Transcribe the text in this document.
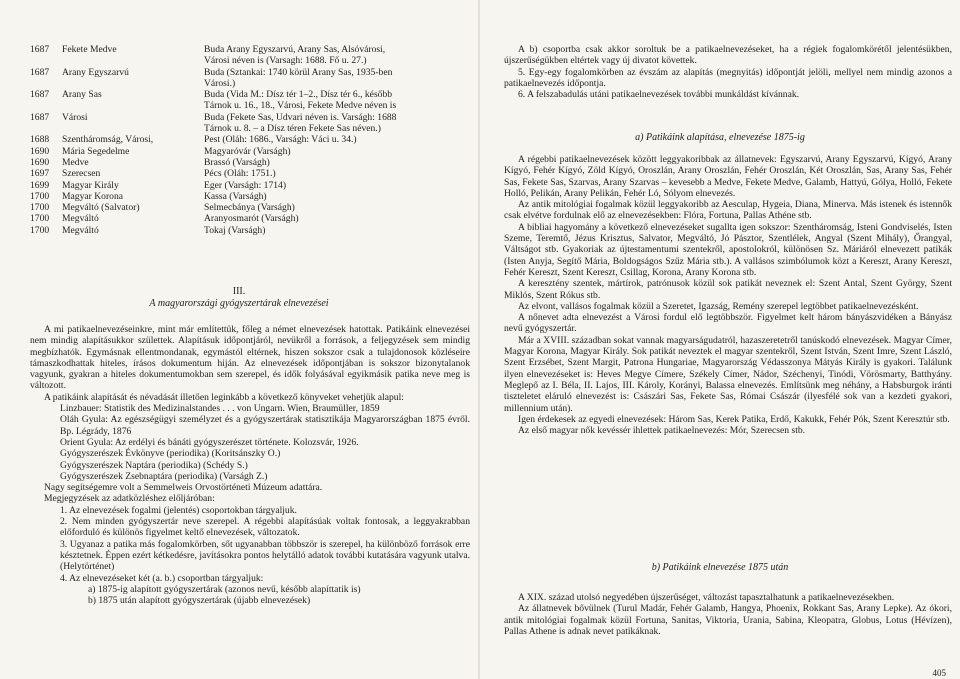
1687	Fekete Medve	Buda Arany Egyszarvú, Arany Sas, Alsóvárosi,
Városi néven is (Varsagh: 1688. Fő u. 27.)
1687	Arany Egyszarvú	Buda (Sztankai: 1740 körül Arany Sas, 1935-ben
Városi.)
1687	Arany Sas	Buda (Vida M.: Dísz tér 1–2., Dísz tér 6., később
Tárnok u. 16., 18., Városi, Fekete Medve néven is
1687	Városi	Buda (Fekete Sas, Udvari néven is. Varságh: 1688
Tárnok u. 8. – a Dísz téren Fekete Sas néven.)
1688	Szentháromság, Városi,	Pest (Oláh: 1686., Varságh: Váci u. 34.)
1690	Mária Segedelme	Magyaróvár (Varságh)
1690	Medve	Brassó (Varságh)
1697	Szerecsen	Pécs (Oláh: 1751.)
1699	Magyar Király	Eger (Varságh: 1714)
1700	Magyar Korona	Kassa (Varságh)
1700	Megváltó (Salvator)	Selmecbánya (Varságh)
1700	Megváltó	Aranyosmarót (Varságh)
1700	Megváltó	Tokaj (Varságh)
III.
A magyarországi gyógyszertárak elnevezései

A mi patikaelnevezéseinkre, mint már említettük, főleg a német elnevezések hatottak. Patikáink elnevezései nem mindig alapításukkor születtek. Alapításuk időpontjáról, nevükről a források, a feljegyzések sem mindig megbízhatók. Egymásnak ellentmondanak, egymástól eltérnek, hiszen sokszor csak a tulajdonosok közléseire támaszkodhattak hiteles, írásos dokumentum hiján. Az elnevezések időpontjában is sokszor bizonytalanok vagyunk, gyakran a hiteles dokumentumokban sem szerepel, és idők folyásával egyikmásik patika neve meg is változott.

A patikáink alapítását és névadását illetően leginkább a következő könyveket vehetjük alapul:

Linzbauer: Statistik des Medizinalstandes . . . von Ungarn. Wien, Braumüller, 1859

Oláh Gyula: Az egészségügyi személyzet és a gyógyszertárak statisztikája Magyarországban 1875 évről. Bp. Légrády, 1876

Orient Gyula: Az erdélyi és bánáti gyógyszerészet története. Kolozsvár, 1926.

Gyógyszerészek Évkönyve (periodika) (Koritsánszky O.)

Gyógyszerészek Naptára (periodika) (Schédy S.)

Gyógyszerészek Zsebnaptára (periodika) (Varságh Z.)

Nagy segítségemre volt a Semmelweis Orvostörténeti Múzeum adattára.

Megjegyzések az adatközléshez előljáróban:

1. Az elnevezések fogalmi (jelentés) csoportokban tárgyaljuk.

2. Nem minden gyógyszertár neve szerepel. A régebbi alapításúak voltak fontosak, a leggyakrabban előforduló és különös figyelmet keltő elnevezések, változatok.

3. Ugyanaz a patika más fogalomkörben, sőt ugyanabban többször is szerepel, ha különböző források erre késztetnek. Éppen ezért kétkedésre, javításokra pontos helytálló adatok további kutatására vagyunk utalva. (Helytörténet)

4. Az elnevezéseket két (a. b.) csoportban tárgyaljuk:

a) 1875-ig alapított gyógyszertárak (azonos nevű, később alapíttatik is)

b) 1875 után alapított gyógyszertárak (újabb elnevezések)

A b) csoportba csak akkor soroltuk be a patikaelnevezéseket, ha a régiek fogalomkörétől jelentésükben, újszerűségükben eltértek vagy új divatot követtek.

5. Egy-egy fogalomkörben az évszám az alapítás (megnyitás) időpontját jelöli, mellyel nem mindig azonos a patikaelnevezés időpontja.

6. A felszabadulás utáni patikaelnevezések további munkáldást kívánnak.

a) Patikáink alapítása, elnevezése 1875-ig

A régebbi patikaelnevezések között leggyakoribbak az állatnevek: Egyszarvú, Arany Egyszarvú, Kígyó, Arany Kígyó, Fehér Kígyó, Zöld Kígyó, Oroszlán, Arany Oroszlán, Fehér Oroszlán, Két Oroszlán, Sas, Arany Sas, Fehér Sas, Fekete Sas, Szarvas, Arany Szarvas – kevesebb a Medve, Fekete Medve, Galamb, Hattyú, Gólya, Holló, Fekete Holló, Pelikán, Arany Pelikán, Fehér Ló, Sólyom elnevezés.

Az antik mitológiai fogalmak közül leggyakoribb az Aesculap, Hygeia, Diana, Minerva. Más istenek és istennők csak elvétve fordulnak elő az elnevezésekben: Flóra, Fortuna, Pallas Athéne stb.

A bibliai hagyomány a következő elnevezéseket sugallta igen sokszor: Szentháromság, Isteni Gondviselés, Isten Szeme, Teremtő, Jézus Krisztus, Salvator, Megváltó, Jó Pásztor, Szentlélek, Angyal (Szent Mihály), Őrangyal, Váltságot stb. Gyakoriak az újtestamentumi szentekről, apostolokról, különösen Sz. Máriáról elnevezett patikák (Isten Anyja, Segítő Mária, Boldogságos Szűz Mária stb.). A vallásos szimbólumok közt a Kereszt, Arany Kereszt, Fehér Kereszt, Szent Kereszt, Csillag, Korona, Arany Korona stb.

A keresztény szentek, mártírok, patrónusok közül sok patikát neveznek el: Szent Antal, Szent György, Szent Miklós, Szent Rókus stb.

Az elvont, vallásos fogalmak közül a Szeretet, Igazság, Remény szerepel legtöbbet patikaelnevezésként.

A nőnevet adta elnevezést a Városi fordul elő legtöbbször. Figyelmet kelt három bányászvidéken a Bányász nevű gyógyszertár.

Már a XVIII. században sokat vannak magyarságudatról, hazaszeretetről tanúskodó elnevezések. Magyar Címer, Magyar Korona, Magyar Király. Sok patikát neveztek el magyar szentekről, Szent István, Szent Imre, Szent László, Szent Erzsébet, Szent Margit, Patrona Hungariae, Magyarország Védasszonya Mátyás Király is gyakori. Találunk ilyen elnevezéseket is: Heves Megye Címere, Székely Címer, Nádor, Széchenyi, Tinódi, Vörösmarty, Batthyány. Meglepő az I. Béla, II. Lajos, III. Károly, Korányi, Balassa elnevezés. Említsünk meg néhány, a Habsburgok iránti tiszteletet eláruló elnevezést is: Császári Sas, Fekete Sas, Római Császár (ilyesfélé sok van a kezdeti gyakori, millennium után).

Igen érdekesek az egyedi elnevezések: Három Sas, Kerek Patika, Erdő, Kakukk, Fehér Pók, Szent Keresztúr stb.

Az első magyar nők kevéssér ihlettek patikaelnevezés: Mór, Szerecsen stb.

b) Patikáink elnevezése 1875 után

A XIX. század utolsó negyedében újszerűséget, változást tapasztalhatunk a patikaelnevezésekben.

Az állatnevek bővülnek (Turul Madár, Fehér Galamb, Hangya, Phoenix, Rokkant Sas, Arany Lepke). Az ókori, antik mitológiai fogalmak közül Fortuna, Sanitas, Viktoria, Urania, Sabina, Kleopatra, Globus, Lotus (Hévízen), Pallas Athene is adnak nevet patikáknak.

405
